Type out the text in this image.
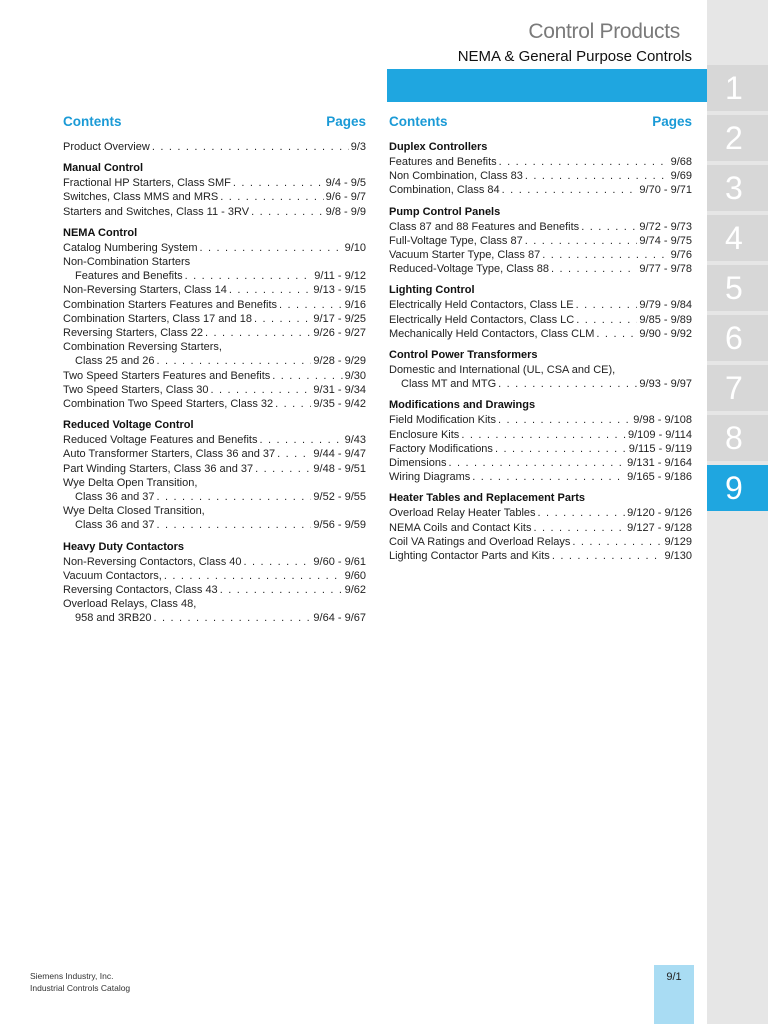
Control Products
NEMA & General Purpose Controls
1
2
3
4
5
6
7
8
9
Contents	Pages
Product Overview . . .	9/3
Manual Control
Fractional HP Starters, Class SMF . . .	9/4 - 9/5
Switches, Class MMS and MRS . . .	9/6 - 9/7
Starters and Switches, Class 11 - 3RV . . .	9/8 - 9/9
NEMA Control
Catalog Numbering System . . .	9/10
Non-Combination Starters
Features and Benefits . . .	9/11 - 9/12
Non-Reversing Starters, Class 14 . . .	9/13 - 9/15
Combination Starters Features and Benefits . . .	9/16
Combination Starters, Class 17 and 18 . . .	9/17 - 9/25
Reversing Starters, Class 22 . . .	9/26 - 9/27
Combination Reversing Starters,
Class 25 and 26 . . .	9/28 - 9/29
Two Speed Starters Features and Benefits . . .	9/30
Two Speed Starters, Class 30 . . .	9/31 - 9/34
Combination Two Speed Starters, Class 32 . . .	9/35 - 9/42
Reduced Voltage Control
Reduced Voltage Features and Benefits . . .	9/43
Auto Transformer Starters, Class 36 and 37 . . .	9/44 - 9/47
Part Winding Starters, Class 36 and 37 . . .	9/48 - 9/51
Wye Delta Open Transition,
Class 36 and 37 . . .	9/52 - 9/55
Wye Delta Closed Transition,
Class 36 and 37 . . .	9/56 - 9/59
Heavy Duty Contactors
Non-Reversing Contactors, Class 40 . . .	9/60 - 9/61
Vacuum Contactors, . . .	9/60
Reversing Contactors, Class 43 . . .	9/62
Overload Relays, Class 48,
958 and 3RB20 . . .	9/64 - 9/67
Contents	Pages
Duplex Controllers
Features and Benefits . . .	9/68
Non Combination, Class 83 . . .	9/69
Combination, Class 84 . . .	9/70 - 9/71
Pump Control Panels
Class 87 and 88 Features and Benefits . . .	9/72 - 9/73
Full-Voltage Type, Class 87 . . .	9/74 - 9/75
Vacuum Starter Type, Class 87 . . .	9/76
Reduced-Voltage Type, Class 88 . . .	9/77 - 9/78
Lighting Control
Electrically Held Contactors, Class LE . . .	9/79 - 9/84
Electrically Held Contactors, Class LC . . .	9/85 - 9/89
Mechanically Held Contactors, Class CLM . . .	9/90 - 9/92
Control Power Transformers
Domestic and International (UL, CSA and CE),
Class MT and MTG . . .	9/93 - 9/97
Modifications and Drawings
Field Modification Kits . . .	9/98 - 9/108
Enclosure Kits . . .	9/109 - 9/114
Factory Modifications . . .	9/115 - 9/119
Dimensions . . .	9/131 - 9/164
Wiring Diagrams . . .	9/165 - 9/186
Heater Tables and Replacement Parts
Overload Relay Heater Tables . . .	9/120 - 9/126
NEMA Coils and Contact Kits . . .	9/127 - 9/128
Coil VA Ratings and Overload Relays . . .	9/129
Lighting Contactor Parts and Kits . . .	9/130
Siemens Industry, Inc.
Industrial Controls Catalog
9/1
